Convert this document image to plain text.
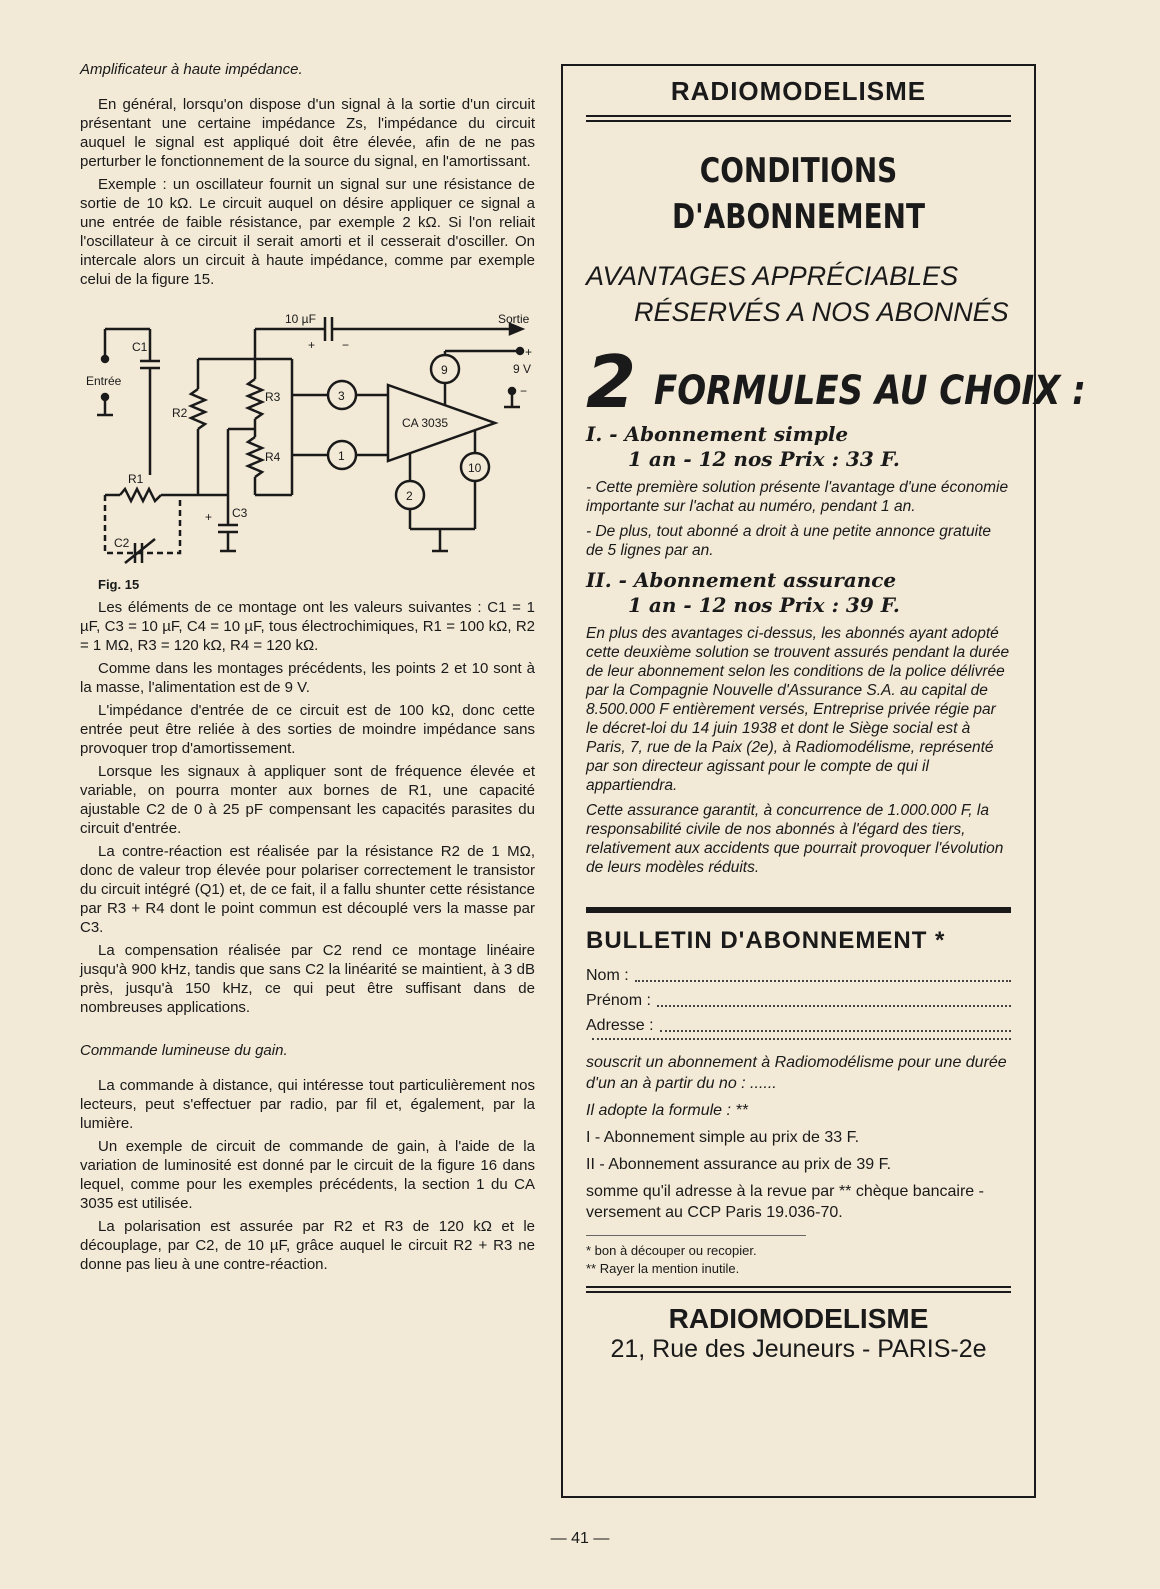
Amplificateur à haute impédance.

En général, lorsqu'on dispose d'un signal à la sortie d'un circuit présentant une certaine impédance Zs, l'impédance du circuit auquel le signal est appliqué doit être élevée, afin de ne pas perturber le fonctionnement de la source du signal, en l'amortissant.

Exemple : un oscillateur fournit un signal sur une résistance de sortie de 10 kΩ. Le circuit auquel on désire appliquer ce signal a une entrée de faible résistance, par exemple 2 kΩ. Si l'on reliait l'oscillateur à ce circuit il serait amorti et il cesserait d'osciller. On intercale alors un circuit à haute impédance, comme par exemple celui de la figure 15.

10 µF	Sortie
+ −	+
9 V
−
9
CA 3035
3
1
10
2
R3
R4
+ C3
R2
C1
Entrée
R1
C2

Fig. 15

Les éléments de ce montage ont les valeurs suivantes : C1 = 1 µF, C3 = 10 µF, C4 = 10 µF, tous électrochimiques, R1 = 100 kΩ, R2 = 1 MΩ, R3 = 120 kΩ, R4 = 120 kΩ.

Comme dans les montages précédents, les points 2 et 10 sont à la masse, l'alimentation est de 9 V.

L'impédance d'entrée de ce circuit est de 100 kΩ, donc cette entrée peut être reliée à des sorties de moindre impédance sans provoquer trop d'amortissement.

Lorsque les signaux à appliquer sont de fréquence élevée et variable, on pourra monter aux bornes de R1, une capacité ajustable C2 de 0 à 25 pF compensant les capacités parasites du circuit d'entrée.

La contre-réaction est réalisée par la résistance R2 de 1 MΩ, donc de valeur trop élevée pour polariser correctement le transistor du circuit intégré (Q1) et, de ce fait, il a fallu shunter cette résistance par R3 + R4 dont le point commun est découplé vers la masse par C3.

La compensation réalisée par C2 rend ce montage linéaire jusqu'à 900 kHz, tandis que sans C2 la linéarité se maintient, à 3 dB près, jusqu'à 150 kHz, ce qui peut être suffisant dans de nombreuses applications.

Commande lumineuse du gain.

La commande à distance, qui intéresse tout particulièrement nos lecteurs, peut s'effectuer par radio, par fil et, également, par la lumière.

Un exemple de circuit de commande de gain, à l'aide de la variation de luminosité est donné par le circuit de la figure 16 dans lequel, comme pour les exemples précédents, la section 1 du CA 3035 est utilisée.

La polarisation est assurée par R2 et R3 de 120 kΩ et le découplage, par C2, de 10 µF, grâce auquel le circuit R2 + R3 ne donne pas lieu à une contre-réaction.

RADIOMODELISME
CONDITIONS
D'ABONNEMENT
AVANTAGES APPRÉCIABLES
RÉSERVÉS A NOS ABONNÉS
2 FORMULES AU CHOIX :
I. - Abonnement simple
1 an - 12 nos Prix : 33 F.

- Cette première solution présente l'avantage d'une économie importante sur l'achat au numéro, pendant 1 an.

- De plus, tout abonné a droit à une petite annonce gratuite de 5 lignes par an.

II. - Abonnement assurance
1 an - 12 nos Prix : 39 F.

En plus des avantages ci-dessus, les abonnés ayant adopté cette deuxième solution se trouvent assurés pendant la durée de leur abonnement selon les conditions de la police délivrée par la Compagnie Nouvelle d'Assurance S.A. au capital de 8.500.000 F entièrement versés, Entreprise privée régie par le décret-loi du 14 juin 1938 et dont le Siège social est à Paris, 7, rue de la Paix (2e), à Radiomodélisme, représenté par son directeur agissant pour le compte de qui il appartiendra.

Cette assurance garantit, à concurrence de 1.000.000 F, la responsabilité civile de nos abonnés à l'égard des tiers, relativement aux accidents que pourrait provoquer l'évolution de leurs modèles réduits.

BULLETIN D'ABONNEMENT *
Nom :
Prénom :
Adresse :

souscrit un abonnement à Radiomodélisme pour une durée d'un an à partir du no : ......

Il adopte la formule : **

I - Abonnement simple au prix de 33 F.

II - Abonnement assurance au prix de 39 F.

somme qu'il adresse à la revue par ** chèque bancaire - versement au CCP Paris 19.036-70.

* bon à découper ou recopier.
** Rayer la mention inutile.
RADIOMODELISME
21, Rue des Jeuneurs - PARIS-2e
— 41 —
